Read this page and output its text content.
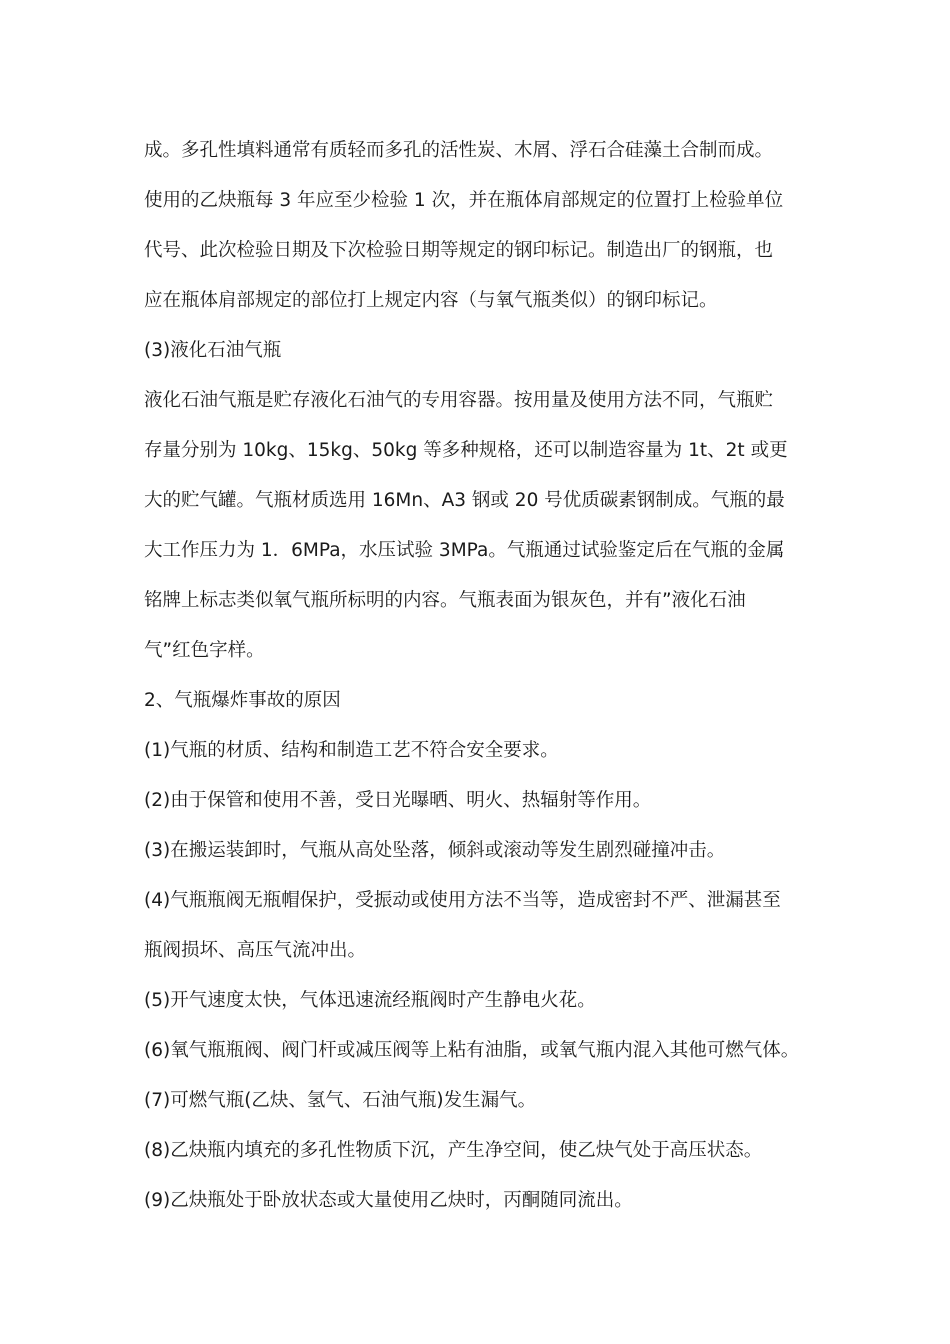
成。多孔性填料通常有质轻而多孔的活性炭、木屑、浮石合硅藻土合制而成。
使用的乙炔瓶每 3 年应至少检验 1 次，并在瓶体肩部规定的位置打上检验单位
代号、此次检验日期及下次检验日期等规定的钢印标记。制造出厂的钢瓶，也
应在瓶体肩部规定的部位打上规定内容（与氧气瓶类似）的钢印标记。
(3)液化石油气瓶
液化石油气瓶是贮存液化石油气的专用容器。按用量及使用方法不同，气瓶贮
存量分别为 10kg、15kg、50kg 等多种规格，还可以制造容量为 1t、2t 或更
大的贮气罐。气瓶材质选用 16Mn、A3 钢或 20 号优质碳素钢制成。气瓶的最
大工作压力为 1．6MPa，水压试验 3MPa。气瓶通过试验鉴定后在气瓶的金属
铭牌上标志类似氧气瓶所标明的内容。气瓶表面为银灰色，并有”液化石油
气”红色字样。
2、气瓶爆炸事故的原因
(1)气瓶的材质、结构和制造工艺不符合安全要求。
(2)由于保管和使用不善，受日光曝晒、明火、热辐射等作用。
(3)在搬运装卸时，气瓶从高处坠落，倾斜或滚动等发生剧烈碰撞冲击。
(4)气瓶瓶阀无瓶帽保护，受振动或使用方法不当等，造成密封不严、泄漏甚至
瓶阀损坏、高压气流冲出。
(5)开气速度太快，气体迅速流经瓶阀时产生静电火花。
(6)氧气瓶瓶阀、阀门杆或减压阀等上粘有油脂，或氧气瓶内混入其他可燃气体。
(7)可燃气瓶(乙炔、氢气、石油气瓶)发生漏气。
(8)乙炔瓶内填充的多孔性物质下沉，产生净空间，使乙炔气处于高压状态。
(9)乙炔瓶处于卧放状态或大量使用乙炔时，丙酮随同流出。
